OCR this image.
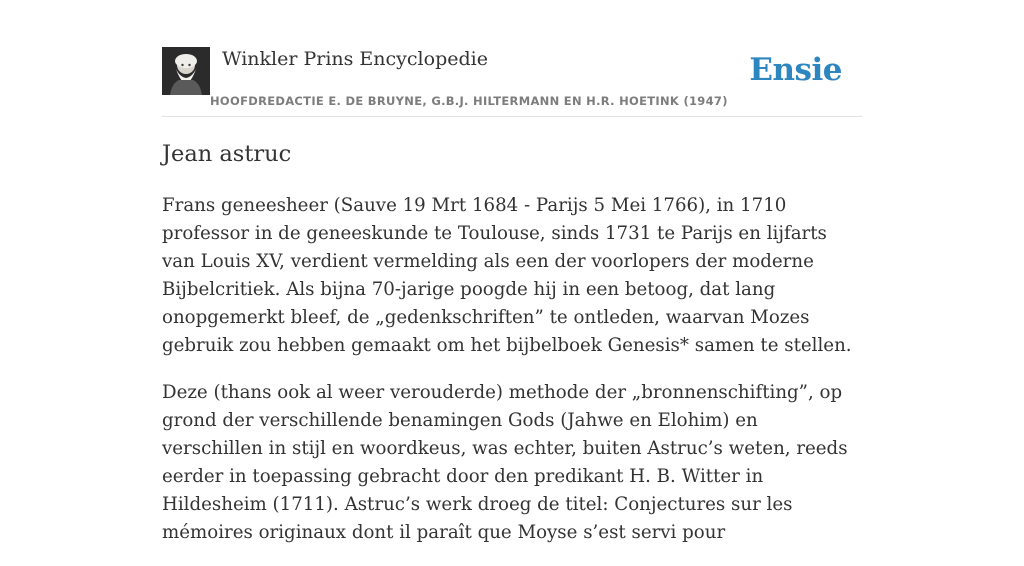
Winkler Prins Encyclopedie
HOOFDREDACTIE E. DE BRUYNE, G.B.J. HILTERMANN EN H.R. HOETINK (1947)
Ensie
Jean astruc

Frans geneesheer (Sauve 19 Mrt 1684 - Parijs 5 Mei 1766), in 1710 professor in de geneeskunde te Toulouse, sinds 1731 te Parijs en lijfarts van Louis XV, verdient vermelding als een der voorlopers der moderne Bijbelcritiek. Als bijna 70-jarige poogde hij in een betoog, dat lang onopgemerkt bleef, de „gedenkschriften” te ontleden, waarvan Mozes gebruik zou hebben gemaakt om het bijbelboek Genesis* samen te stellen.

Deze (thans ook al weer verouderde) methode der „bronnenschifting”, op grond der verschillende benamingen Gods (Jahwe en Elohim) en verschillen in stijl en woordkeus, was echter, buiten Astruc’s weten, reeds eerder in toepassing gebracht door den predikant H. B. Witter in Hildesheim (1711). Astruc’s werk droeg de titel: Conjectures sur les mémoires originaux dont il paraît que Moyse s’est servi pour
